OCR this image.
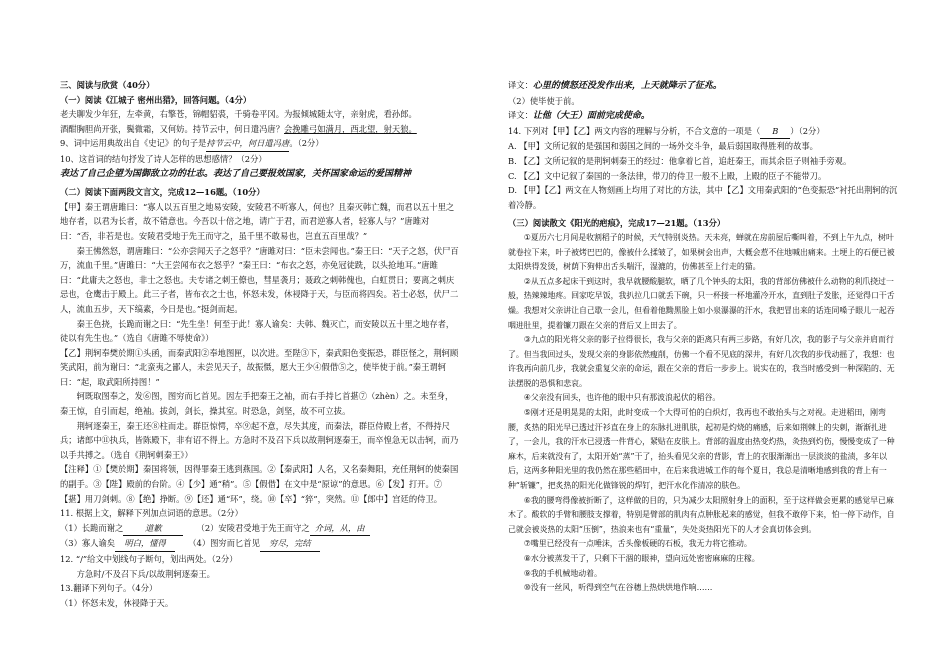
三、阅读与欣赏（40分）

（一）阅读《江城子 密州出猎》，回答问题。（4分）

老夫聊发少年狂，左牵黄，右擎苍，锦帽貂裘，千骑卷平冈。为报倾城随太守，亲射虎，看孙郎。

酒酣胸胆尚开张，鬓微霜，又何妨。持节云中，何日遣冯唐？会挽雕弓如满月，西北望，射天狼。

9、词中运用典故出自《史记》的句子是持节云中，何日遣冯唐。（2分）

10、这首词的结句抒发了诗人怎样的思想感情？（2分）

表达了自己企望为国御敌立功的壮志。表达了自己要报效国家，关怀国家命运的爱国精神

（二）阅读下面两段文言文，完成12—16题。（10分）

【甲】秦王谓唐雎曰：“寡人以五百里之地易安陵，安陵君不听寡人，何也？且秦灭韩亡魏，而君以五十里之地存者，以君为长者，故不错意也。今吾以十倍之地，请广于君，而君逆寡人者，轻寡人与？”唐雎对曰：“否，非若是也。安陵君受地于先王而守之，虽千里不敢易也，岂直五百里哉？”

秦王怫然怒，谓唐雎曰：“公亦尝闻天子之怒乎？”唐雎对曰：“臣未尝闻也。”秦王曰：“天子之怒，伏尸百万，流血千里。”唐雎曰：“大王尝闻布衣之怒乎？”秦王曰：“布衣之怒，亦免冠徒跣，以头抢地耳。”唐雎曰：“此庸夫之怒也，非士之怒也。夫专诸之刺王僚也，彗星袭月；聂政之刺韩傀也，白虹贯日；要离之刺庆忌也，仓鹰击于殿上。此三子者，皆布衣之士也，怀怒未发，休祲降于天，与臣而将四矣。若士必怒，伏尸二人，流血五步，天下缟素，今日是也。”挺剑而起。

秦王色挠，长跪而谢之曰：“先生坐！何至于此！寡人谕矣：夫韩、魏灭亡，而安陵以五十里之地存者，徒以有先生也。”（选自《唐雎不辱使命》）

【乙】荆轲奉樊於期①头函，而秦武阳②奉地图匣，以次进。至陛③下，秦武阳色变振恐，群臣怪之，荆轲顾笑武阳，前为谢曰：“北蛮夷之鄙人，未尝见天子，故振慑，愿大王少④假借⑤之，使毕使于前。”秦王谓轲曰：“起，取武阳所持图！”

轲既取图奉之，发⑥图，图穷而匕首见。因左手把秦王之袖，而右手持匕首揕⑦（zhèn）之。未至身，秦王惊，自引而起，绝袖。拔剑，剑长，操其室。时恐急，剑坚，故不可立拔。

荆轲逐秦王，秦王还⑧柱而走。群臣惊愕，卒⑨起不意，尽失其度，而秦法，群臣侍殿上者，不得持尺兵；诸郎中⑪执兵，皆陈殿下，非有诏不得上。方急时不及召下兵以故荆轲逐秦王，而卒惶急无以击轲，而乃以手共搏之。（选自《荆轲刺秦王》）

【注释】①【樊於期】秦国将领，因得罪秦王逃到燕国。②【秦武阳】人名，又名秦舞阳，充任荆轲的使秦国的副手。③【陛】殿前的台阶。④【少】通“稍”。⑤【假借】在文中是“原谅”的意思。⑥【发】打开。⑦【揕】用刀剑刺。⑧【绝】挣断。⑨【还】通“环”，绕。⑩【卒】“猝”，突然。⑪【郎中】宫廷的侍卫。

11. 根据上文，解释下列加点词语的意思。（2分）

（1）长跪而谢之	道歉	（2）安陵君受地于先王而守之 介词，从，由

（3）寡人谕矣 明白，懂得	（4）图穷而匕首见 穷尽，完结

12. “/”给文中划线句子断句，划出两处。（2分）

方急时/不及召下兵/以故荆轲逐秦王。

13.翻译下列句子。（4分）

（1）怀怒未发，休祲降于天。

译文：心里的愤怒还没发作出来，上天就降示了征兆。

（2）使毕使于前。

译文：让他（大王）面前完成使命。

14. 下列对【甲】【乙】两文内容的理解与分析，不合文意的一项是（ B ）（2分）

A. 【甲】文所记叙的是强国和弱国之间的一场外交斗争，最后弱国取得胜利的故事。

B. 【乙】文所记叙的是荆轲刺秦王的经过：他拿着匕首，追赶秦王，而其余臣子则袖手旁观。

C. 【乙】文中记叙了秦国的一条法律，带刀的侍卫一般不上殿，上殿的臣子不能带刀。

D. 【甲】【乙】两文在人物刻画上均用了对比的方法，其中【乙】文用秦武阳的“色变振恐”衬托出荆轲的沉着冷静。

（三）阅读散文《阳光的疤痕》，完成17—21题。（13分）

①夏历六七月间是收割稻子的时候，天气特别炎热。天未亮，蝉就在房前屋后嘶叫着，不到上午九点，树叶就卷拉下来，叶子被烤巴巴的，像被什么揉皱了，如果树会出声，大概会惹不住地喊出痛来。土埂上的石便已被太阳烘得发烫，树荫下狗伸出舌头喘汗，湿漉的，仿佛甚至上行走的猫。

②从五点多起床干到这时，我早就腰酸腿软，晒了几个钟头的太阳，我的背部仿佛被什么动物的利爪挠过一般，热辣辣地疼。回家吃早饭，我扒拉几口就丢下碗，只一杯接一杯地灌冷开水，直到肚子发胀，还觉得口干舌燥。我想对父亲讲让自己歇一会儿，但看着他黝黑脸上如小泉瀑瀑的汗水，我把冒出来的话连同嗓子眼儿一起吞咽进肚里，提着镰刀跟在父亲的背后又上田去了。

③九点的阳光将父亲的影子拉得很长，我与父亲的距离只有两三步路，有好几次，我的影子与父亲并肩而行了。但当我回过头，发现父亲的身影依然瘦削，仿佛一个看不见底的深井，有好几次我的步伐动摇了，我想：也许我再向前几步，我就会重复父亲的命运，跟在父亲的背后一步步上。说实在的，我当时感受到一种深陷的、无法摆脱的恐惧和悲哀。

④父亲没有回头，也许他的眼中只有那波浪起伏的稻谷。

⑤刚才还是明晃晃的太阳，此时变成一个大得可怕的白炽灯，我再也不敢抬头与之对视。走进稻田，刚弯腰，炙热的阳光早已透过汗衫直在身上的东脉扎进肌肤，起初是灼烧的痛感，后来如荆棘上的尖刺，渐渐扎进了，一会儿，我的汗水已浸透一件背心，紧贴在皮肤上。背部的温度由热变灼热，灸热到灼伤，慢慢变成了一种麻木，后来就没有了，太阳开始“蒸”干了，抬头看见父亲的背影，背上的衣服渐渐出一层淡淡的盐渍，多年以后，这两多种阳光里的我仍然在那些稻田中，在后来我进城工作的每个夏日，我总是清晰地感到我的背上有一种“斩镰”，把炙热的阳光化做锋锐的焊钉，把汗水化作清凉的肤色。

⑥我的腰弯得像被折断了，这样做的目的，只为减少太阳照射身上的面积，至于这样做会更累的感觉早已麻木了。酸软的手臂和腰肢支撑着，特别是臂部的肌肉有点肿胀起来的感觉，但我不敢停下来，怕一停下动作，自己就会被炎热的太阳“压倒”，热浪来也有“重量”，失处炎热阳光下的人才会真切体会到。

⑦嘴里已经没有一点唾沫，舌头像板硬的石板，我无力将它推动。

⑧水分被蒸发干了，只剩下干涸的眼神，望向远处密密麻麻的庄稼。

⑨我的手机械地动着。

⑩没有一丝风，听得到空气在谷穗上热烘烘地作响……
